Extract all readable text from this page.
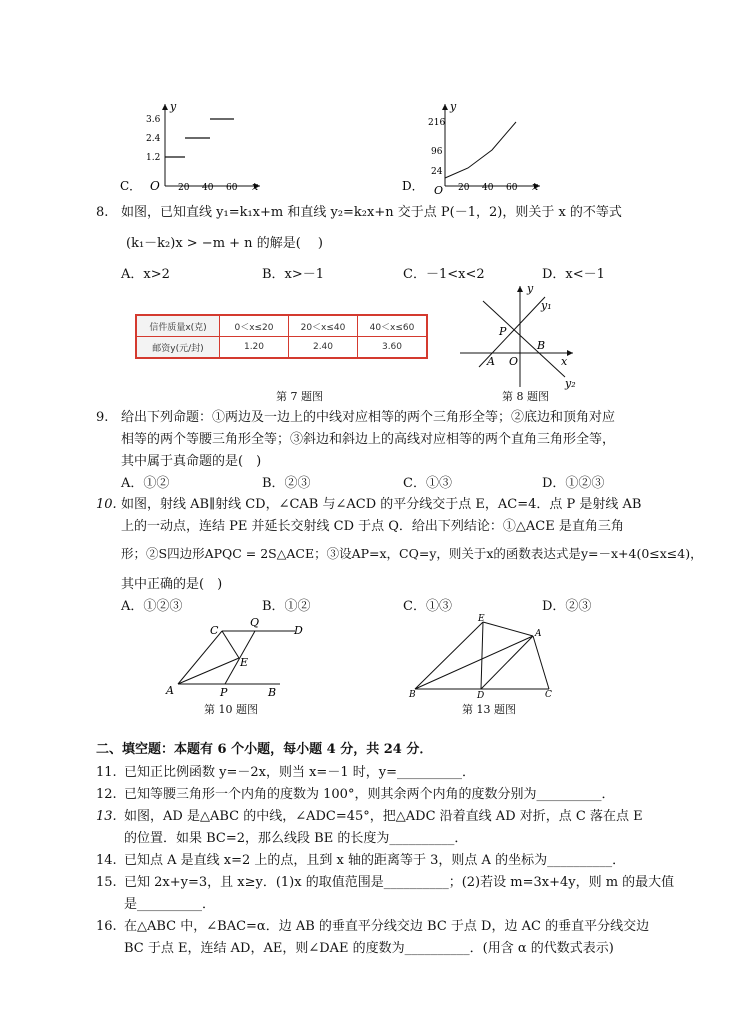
C． O	x
y
20 40 60
3.6
2.4
1.2
D． O	x
y
20 40 60
216
96
24
8. 如图，已知直线 y₁=k₁x+m 和直线 y₂=k₂x+n 交于点 P(－1，2)，则关于 x 的不等式
(k₁－k₂)x > −m + n 的解是(　 )
A．x>2	B．x>－1	C．－1<x<2	D．x<－1
信件质量x(克)	0＜x≤20	20＜x≤40	40＜x≤60
邮资y(元/封)	1.20	2.40	3.60
y
y₁
P
A O
B
x
y₂
第 7 题图	第 8 题图
9. 给出下列命题：①两边及一边上的中线对应相等的两个三角形全等；②底边和顶角对应
相等的两个等腰三角形全等；③斜边和斜边上的高线对应相等的两个直角三角形全等，
其中属于真命题的是(　)
A．①②	B．②③	C．①③	D．①②③
10. 如图，射线 AB∥射线 CD，∠CAB 与∠ACD 的平分线交于点 E，AC=4．点 P 是射线 AB
上的一动点，连结 PE 并延长交射线 CD 于点 Q．给出下列结论：①△ACE 是直角三角
形；②S四边形APQC = 2S△ACE；③设AP=x，CQ=y，则关于x的函数表达式是y=－x+4(0≤x≤4)，
其中正确的是(　)
A．①②③	B．①②	C．①③	D．②③
C
Q
D
E
A	P	B
第 10 题图
E
A
B	D	C
第 13 题图
二、填空题：本题有 6 个小题，每小题 4 分，共 24 分．
11. 已知正比例函数 y=－2x，则当 x=－1 时，y=__________．
12. 已知等腰三角形一个内角的度数为 100°，则其余两个内角的度数分别为__________．
13. 如图，AD 是△ABC 的中线，∠ADC=45°，把△ADC 沿着直线 AD 对折，点 C 落在点 E
的位置．如果 BC=2，那么线段 BE 的长度为__________．
14. 已知点 A 是直线 x=2 上的点，且到 x 轴的距离等于 3，则点 A 的坐标为__________．
15. 已知 2x+y=3，且 x≥y．(1)x 的取值范围是__________；(2)若设 m=3x+4y，则 m 的最大值
是__________．
16. 在△ABC 中，∠BAC=α．边 AB 的垂直平分线交边 BC 于点 D，边 AC 的垂直平分线交边
BC 于点 E，连结 AD，AE，则∠DAE 的度数为__________．(用含 α 的代数式表示)
